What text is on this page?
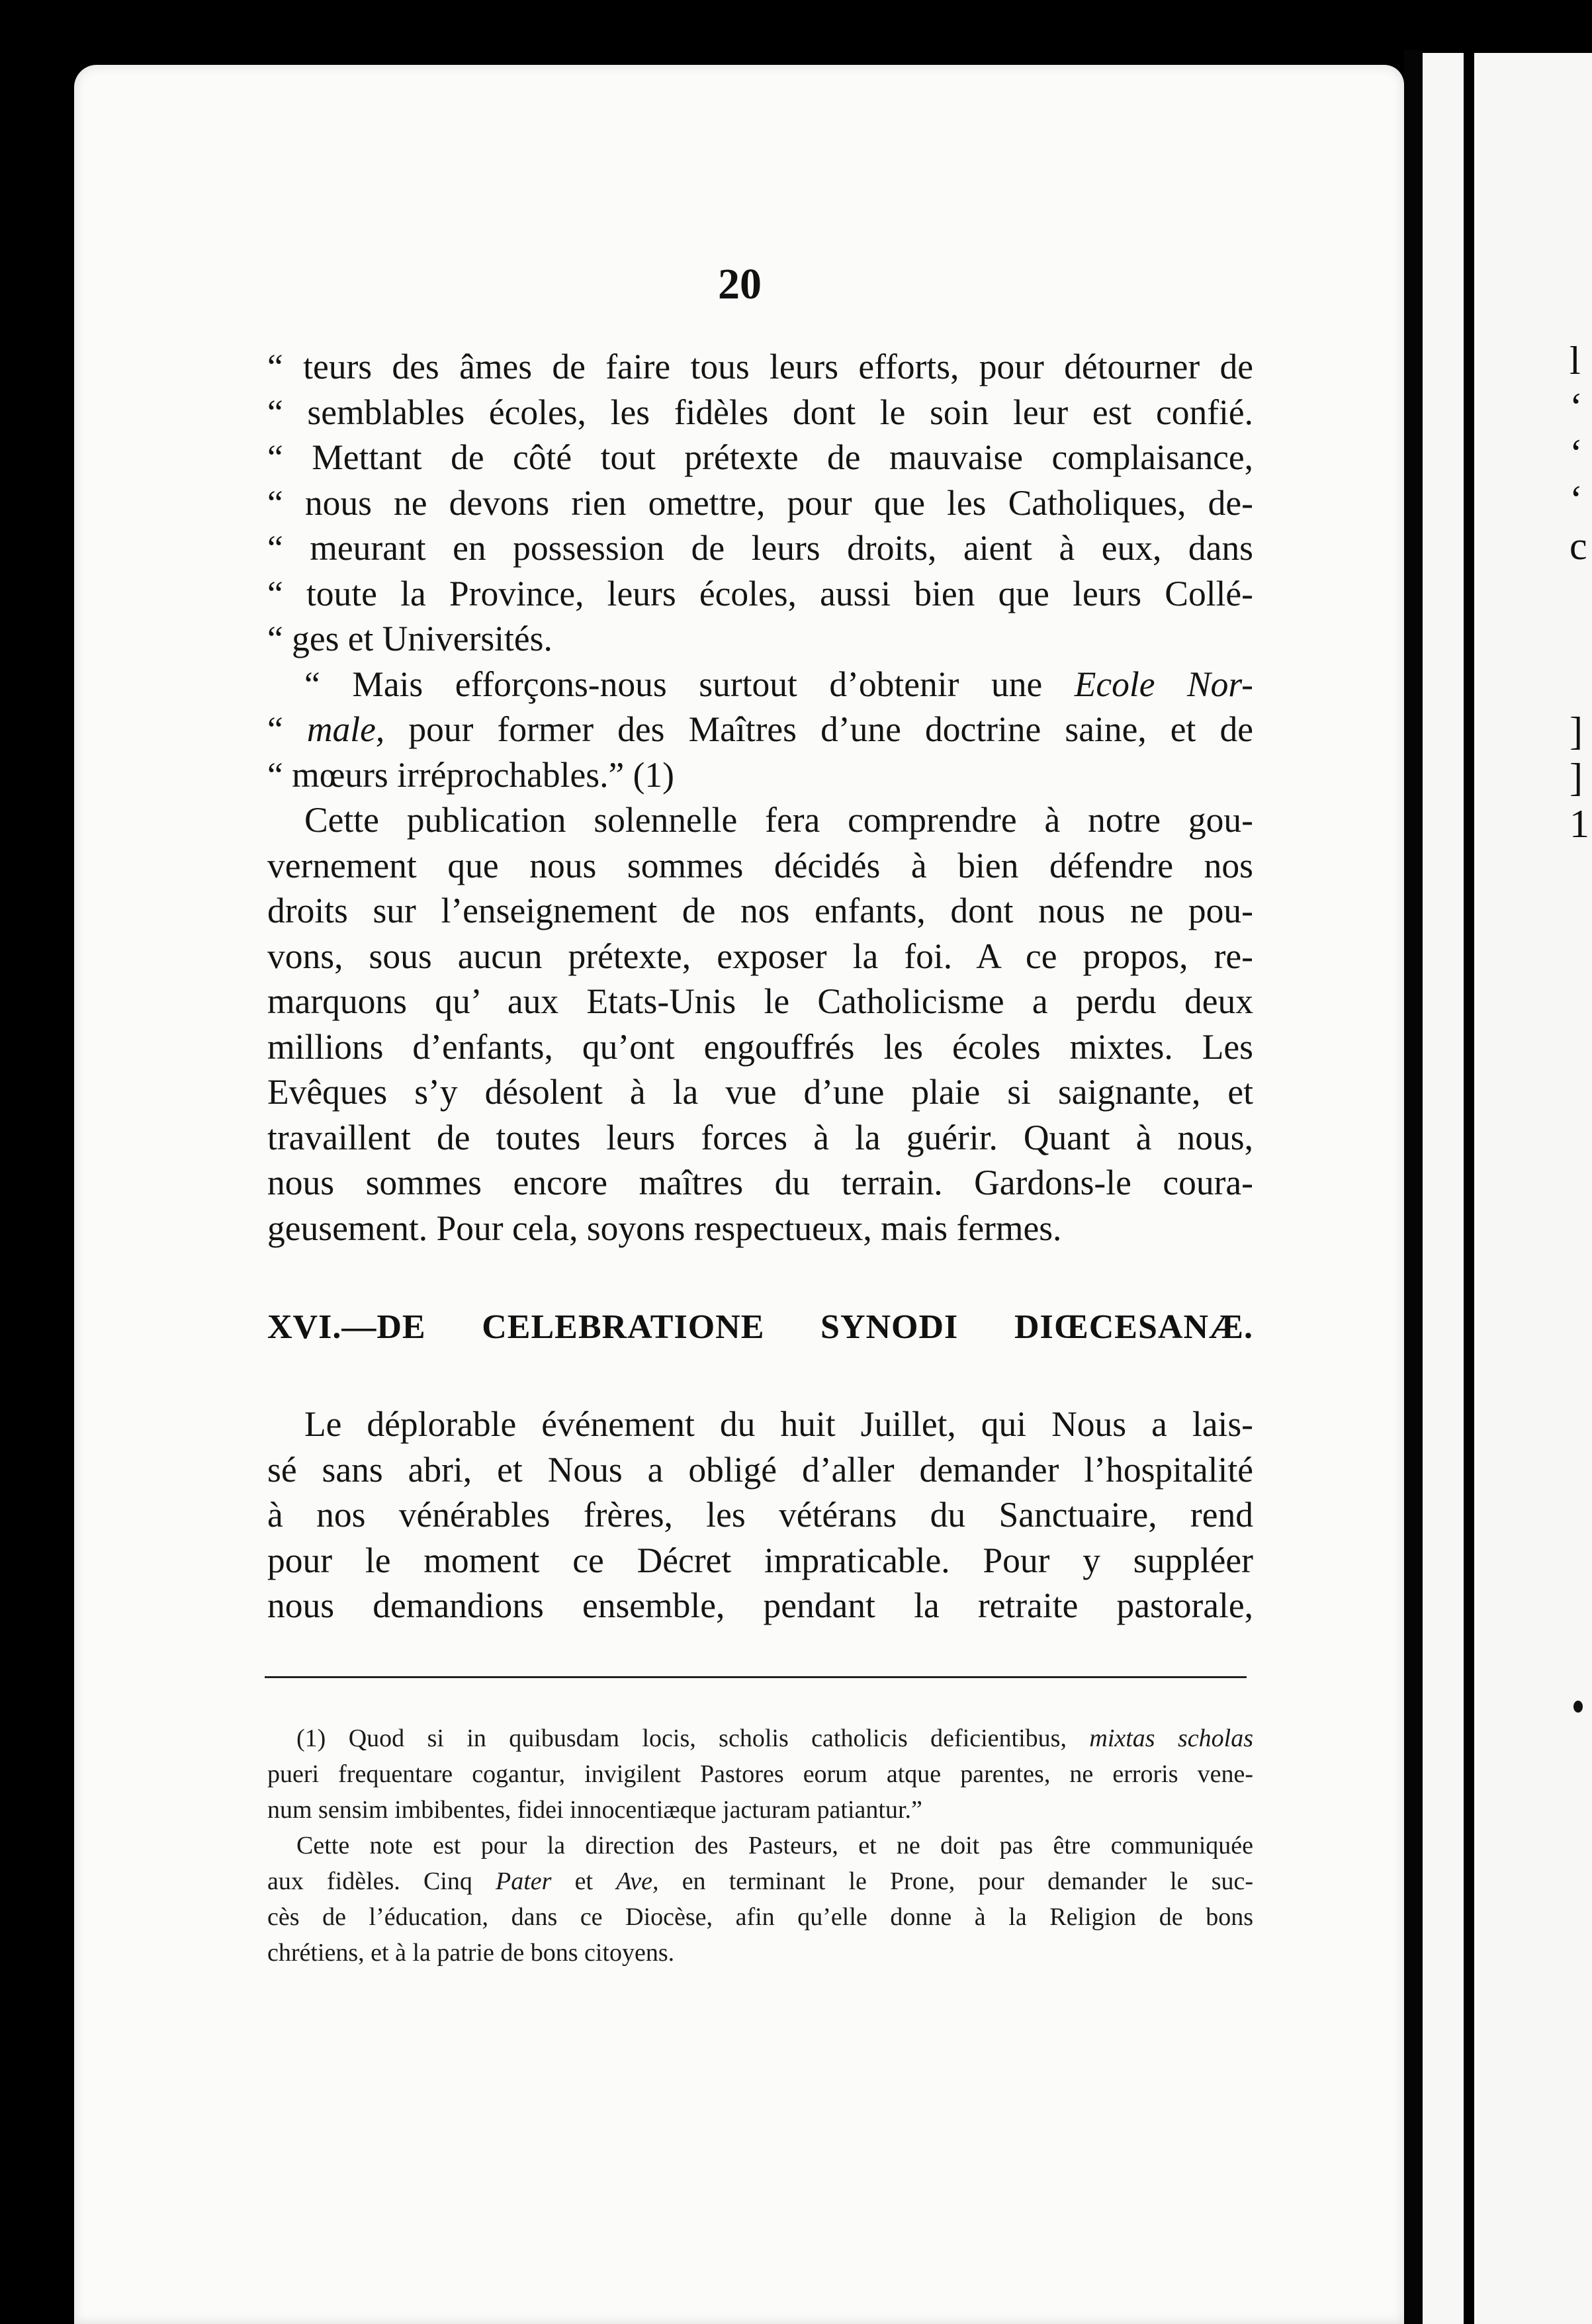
l
‘
‘
‘
c

]
]
1
20
“ teurs des âmes de faire tous leurs efforts, pour détourner de
“ semblables écoles, les fidèles dont le soin leur est confié.
“ Mettant de côté tout prétexte de mauvaise complaisance,
“ nous ne devons rien omettre, pour que les Catholiques, de-
“ meurant en possession de leurs droits, aient à eux, dans
“ toute la Province, leurs écoles, aussi bien que leurs Collé-
“ ges et Universités.
“ Mais efforçons-nous surtout d’obtenir une Ecole Nor-
“ male, pour former des Maîtres d’une doctrine saine, et de
“ mœurs irréprochables.” (1)
Cette publication solennelle fera comprendre à notre gou-
vernement que nous sommes décidés à bien défendre nos
droits sur l’enseignement de nos enfants, dont nous ne pou-
vons, sous aucun prétexte, exposer la foi. A ce propos, re-
marquons qu’ aux Etats-Unis le Catholicisme a perdu deux
millions d’enfants, qu’ont engouffrés les écoles mixtes. Les
Evêques s’y désolent à la vue d’une plaie si saignante, et
travaillent de toutes leurs forces à la guérir. Quant à nous,
nous sommes encore maîtres du terrain. Gardons-le coura-
geusement. Pour cela, soyons respectueux, mais fermes.
XVI.—DE CELEBRATIONE SYNODI DIŒCESANÆ.
Le déplorable événement du huit Juillet, qui Nous a lais-
sé sans abri, et Nous a obligé d’aller demander l’hospitalité
à nos vénérables frères, les vétérans du Sanctuaire, rend
pour le moment ce Décret impraticable. Pour y suppléer
nous demandions ensemble, pendant la retraite pastorale,
(1) Quod si in quibusdam locis, scholis catholicis deficientibus, mixtas scholas
pueri frequentare cogantur, invigilent Pastores eorum atque parentes, ne erroris vene-
num sensim imbibentes, fidei innocentiæque jacturam patiantur.”
Cette note est pour la direction des Pasteurs, et ne doit pas être communiquée
aux fidèles. Cinq Pater et Ave, en terminant le Prone, pour demander le suc-
cès de l’éducation, dans ce Diocèse, afin qu’elle donne à la Religion de bons
chrétiens, et à la patrie de bons citoyens.
